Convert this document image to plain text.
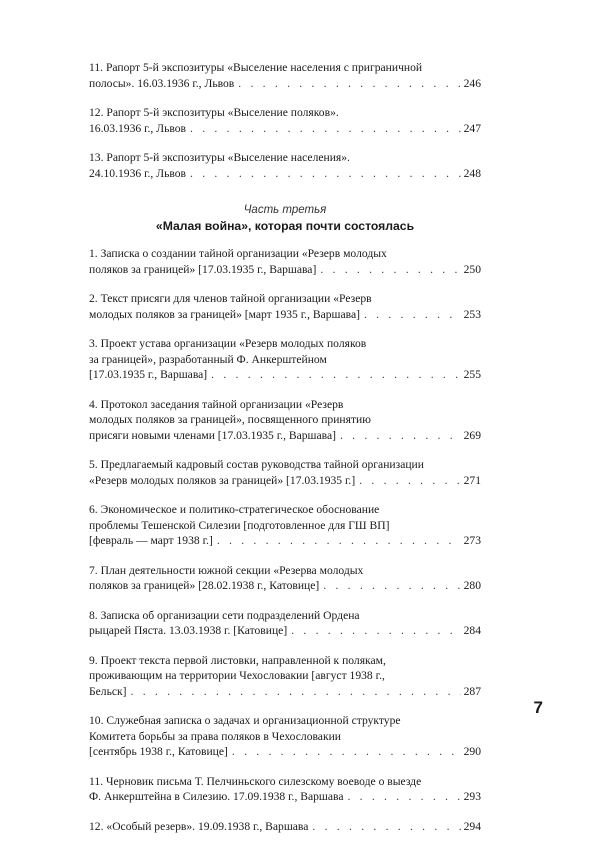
11. Рапорт 5-й экспозитуры «Выселение населения с приграничной
полосы». 16.03.1936 г., Львов . . .	246
12. Рапорт 5-й экспозитуры «Выселение поляков».
16.03.1936 г., Львов . . .	247
13. Рапорт 5-й экспозитуры «Выселение населения».
24.10.1936 г., Львов . . .	248
Часть третья
«Малая война», которая почти состоялась
1. Записка о создании тайной организации «Резерв молодых
поляков за границей» [17.03.1935 г., Варшава] . . .	250
2. Текст присяги для членов тайной организации «Резерв
молодых поляков за границей» [март 1935 г., Варшава] . . .	253
3. Проект устава организации «Резерв молодых поляков
за границей», разработанный Ф. Анкерштейном
[17.03.1935 г., Варшава] . . .	255
4. Протокол заседания тайной организации «Резерв
молодых поляков за границей», посвященного принятию
присяги новыми членами [17.03.1935 г., Варшава] . . .	269
5. Предлагаемый кадровый состав руководства тайной организации
«Резерв молодых поляков за границей» [17.03.1935 г.] . . .	271
6. Экономическое и политико-стратегическое обоснование
проблемы Тешенской Силезии [подготовленное для ГШ ВП]
[февраль — март 1938 г.] . . .	273
7. План деятельности южной секции «Резерва молодых
поляков за границей» [28.02.1938 г., Катовице] . . .	280
8. Записка об организации сети подразделений Ордена
рыцарей Пяста. 13.03.1938 г. [Катовице] . . .	284
9. Проект текста первой листовки, направленной к полякам,
проживающим на территории Чехословакии [август 1938 г.,
Бельск] . . .	287
10. Служебная записка о задачах и организационной структуре
Комитета борьбы за права поляков в Чехословакии
[сентябрь 1938 г., Катовице] . . .	290
11. Черновик письма Т. Пелчиньского силезскому воеводе о выезде
Ф. Анкерштейна в Силезию. 17.09.1938 г., Варшава . . .	293
12. «Особый резерв». 19.09.1938 г., Варшава . . .	294
7
